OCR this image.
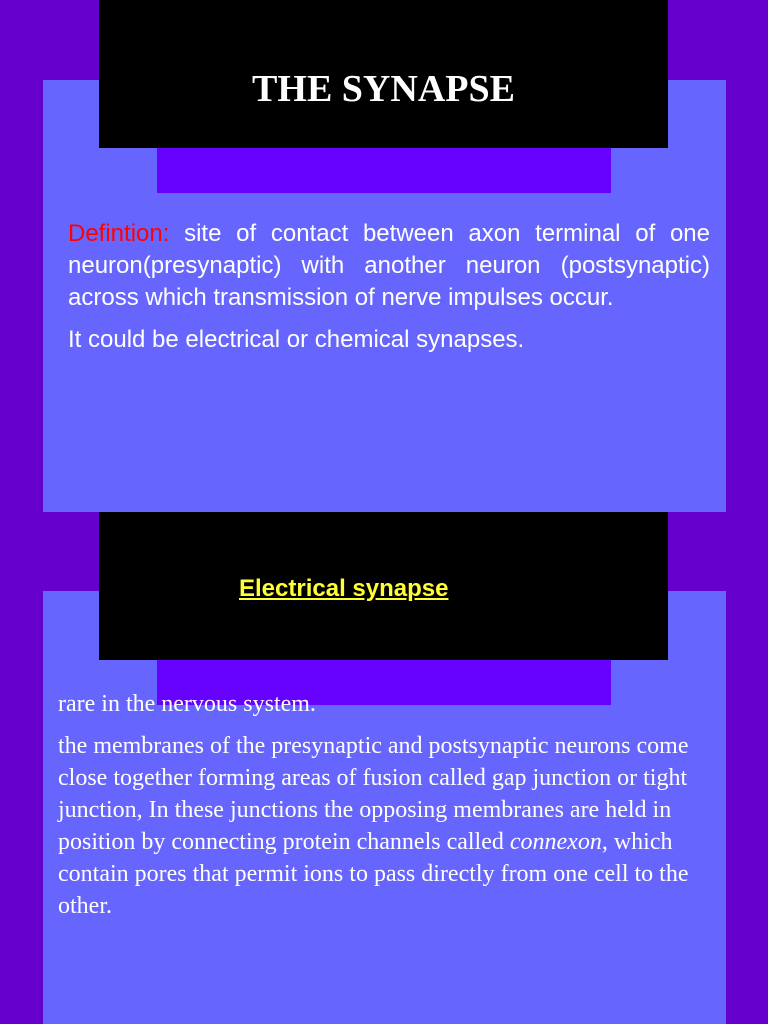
THE SYNAPSE

Defintion: site of contact between axon terminal of one neuron(presynaptic) with another neuron (postsynaptic) across which transmission of nerve impulses occur.

It could be electrical or chemical synapses.

Electrical synapse

rare in the nervous system.

the membranes of the presynaptic and postsynaptic neurons come close together forming areas of fusion called gap junction or tight junction, In these junctions the opposing membranes are held in position by connecting protein channels called connexon, which contain pores that permit ions to pass directly from one cell to the other.
